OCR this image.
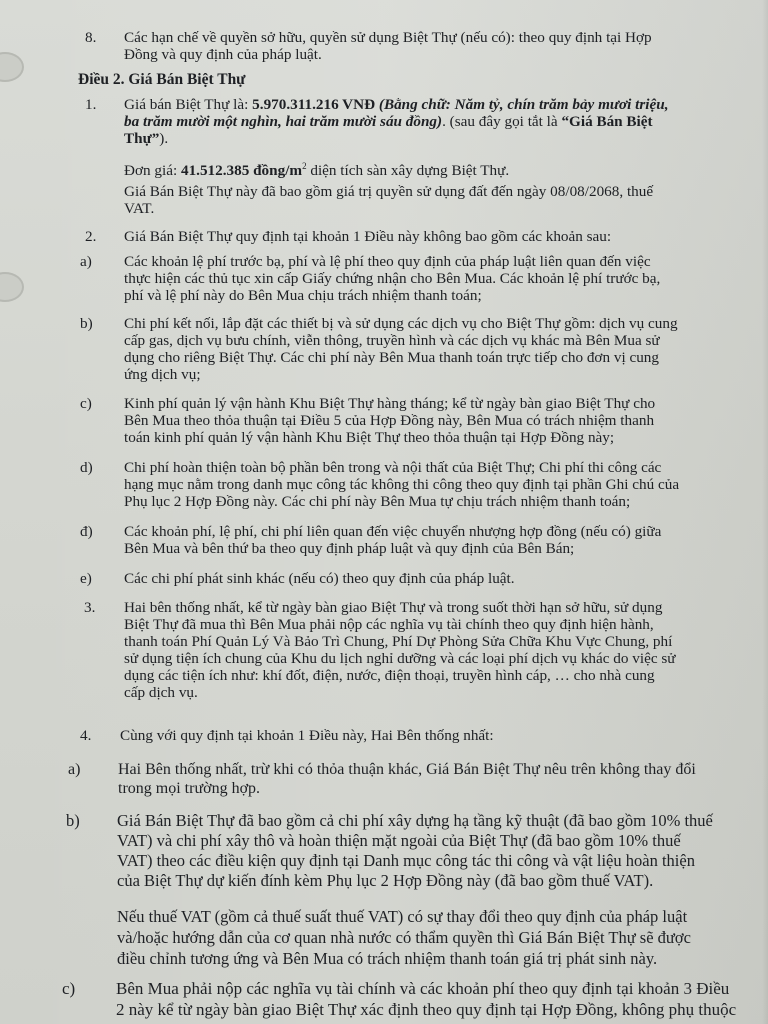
8. Các hạn chế về quyền sở hữu, quyền sử dụng Biệt Thự (nếu có): theo quy định tại Hợp
Đồng và quy định của pháp luật.
Điều 2. Giá Bán Biệt Thự
1. Giá bán Biệt Thự là: 5.970.311.216 VNĐ (Bằng chữ: Năm tỷ, chín trăm bảy mươi triệu,
ba trăm mười một nghìn, hai trăm mười sáu đồng). (sau đây gọi tắt là “Giá Bán Biệt
Thự”).
Đơn giá: 41.512.385 đồng/$m^2$ diện tích sàn xây dựng Biệt Thự.
Giá Bán Biệt Thự này đã bao gồm giá trị quyền sử dụng đất đến ngày 08/08/2068, thuế
VAT.
2. Giá Bán Biệt Thự quy định tại khoản 1 Điều này không bao gồm các khoản sau:
a) Các khoản lệ phí trước bạ, phí và lệ phí theo quy định của pháp luật liên quan đến việc
thực hiện các thủ tục xin cấp Giấy chứng nhận cho Bên Mua. Các khoản lệ phí trước bạ,
phí và lệ phí này do Bên Mua chịu trách nhiệm thanh toán;
b) Chi phí kết nối, lắp đặt các thiết bị và sử dụng các dịch vụ cho Biệt Thự gồm: dịch vụ cung
cấp gas, dịch vụ bưu chính, viễn thông, truyền hình và các dịch vụ khác mà Bên Mua sử
dụng cho riêng Biệt Thự. Các chi phí này Bên Mua thanh toán trực tiếp cho đơn vị cung
ứng dịch vụ;
c) Kinh phí quản lý vận hành Khu Biệt Thự hàng tháng; kể từ ngày bàn giao Biệt Thự cho
Bên Mua theo thỏa thuận tại Điều 5 của Hợp Đồng này, Bên Mua có trách nhiệm thanh
toán kinh phí quản lý vận hành Khu Biệt Thự theo thỏa thuận tại Hợp Đồng này;
d) Chi phí hoàn thiện toàn bộ phần bên trong và nội thất của Biệt Thự; Chi phí thi công các
hạng mục nằm trong danh mục công tác không thi công theo quy định tại phần Ghi chú của
Phụ lục 2 Hợp Đồng này. Các chi phí này Bên Mua tự chịu trách nhiệm thanh toán;
đ) Các khoản phí, lệ phí, chi phí liên quan đến việc chuyển nhượng hợp đồng (nếu có) giữa
Bên Mua và bên thứ ba theo quy định pháp luật và quy định của Bên Bán;
e) Các chi phí phát sinh khác (nếu có) theo quy định của pháp luật.
3. Hai bên thống nhất, kể từ ngày bàn giao Biệt Thự và trong suốt thời hạn sở hữu, sử dụng
Biệt Thự đã mua thì Bên Mua phải nộp các nghĩa vụ tài chính theo quy định hiện hành,
thanh toán Phí Quản Lý Và Bảo Trì Chung, Phí Dự Phòng Sửa Chữa Khu Vực Chung, phí
sử dụng tiện ích chung của Khu du lịch nghỉ dưỡng và các loại phí dịch vụ khác do việc sử
dụng các tiện ích như: khí đốt, điện, nước, điện thoại, truyền hình cáp, … cho nhà cung
cấp dịch vụ.
4. Cùng với quy định tại khoản 1 Điều này, Hai Bên thống nhất:
a) Hai Bên thống nhất, trừ khi có thỏa thuận khác, Giá Bán Biệt Thự nêu trên không thay đổi
trong mọi trường hợp.
b) Giá Bán Biệt Thự đã bao gồm cả chi phí xây dựng hạ tầng kỹ thuật (đã bao gồm 10% thuế
VAT) và chi phí xây thô và hoàn thiện mặt ngoài của Biệt Thự (đã bao gồm 10% thuế
VAT) theo các điều kiện quy định tại Danh mục công tác thi công và vật liệu hoàn thiện
của Biệt Thự dự kiến đính kèm Phụ lục 2 Hợp Đồng này (đã bao gồm thuế VAT).
Nếu thuế VAT (gồm cả thuế suất thuế VAT) có sự thay đổi theo quy định của pháp luật
và/hoặc hướng dẫn của cơ quan nhà nước có thẩm quyền thì Giá Bán Biệt Thự sẽ được
điều chỉnh tương ứng và Bên Mua có trách nhiệm thanh toán giá trị phát sinh này.
c) Bên Mua phải nộp các nghĩa vụ tài chính và các khoản phí theo quy định tại khoản 3 Điều
2 này kể từ ngày bàn giao Biệt Thự xác định theo quy định tại Hợp Đồng, không phụ thuộc
